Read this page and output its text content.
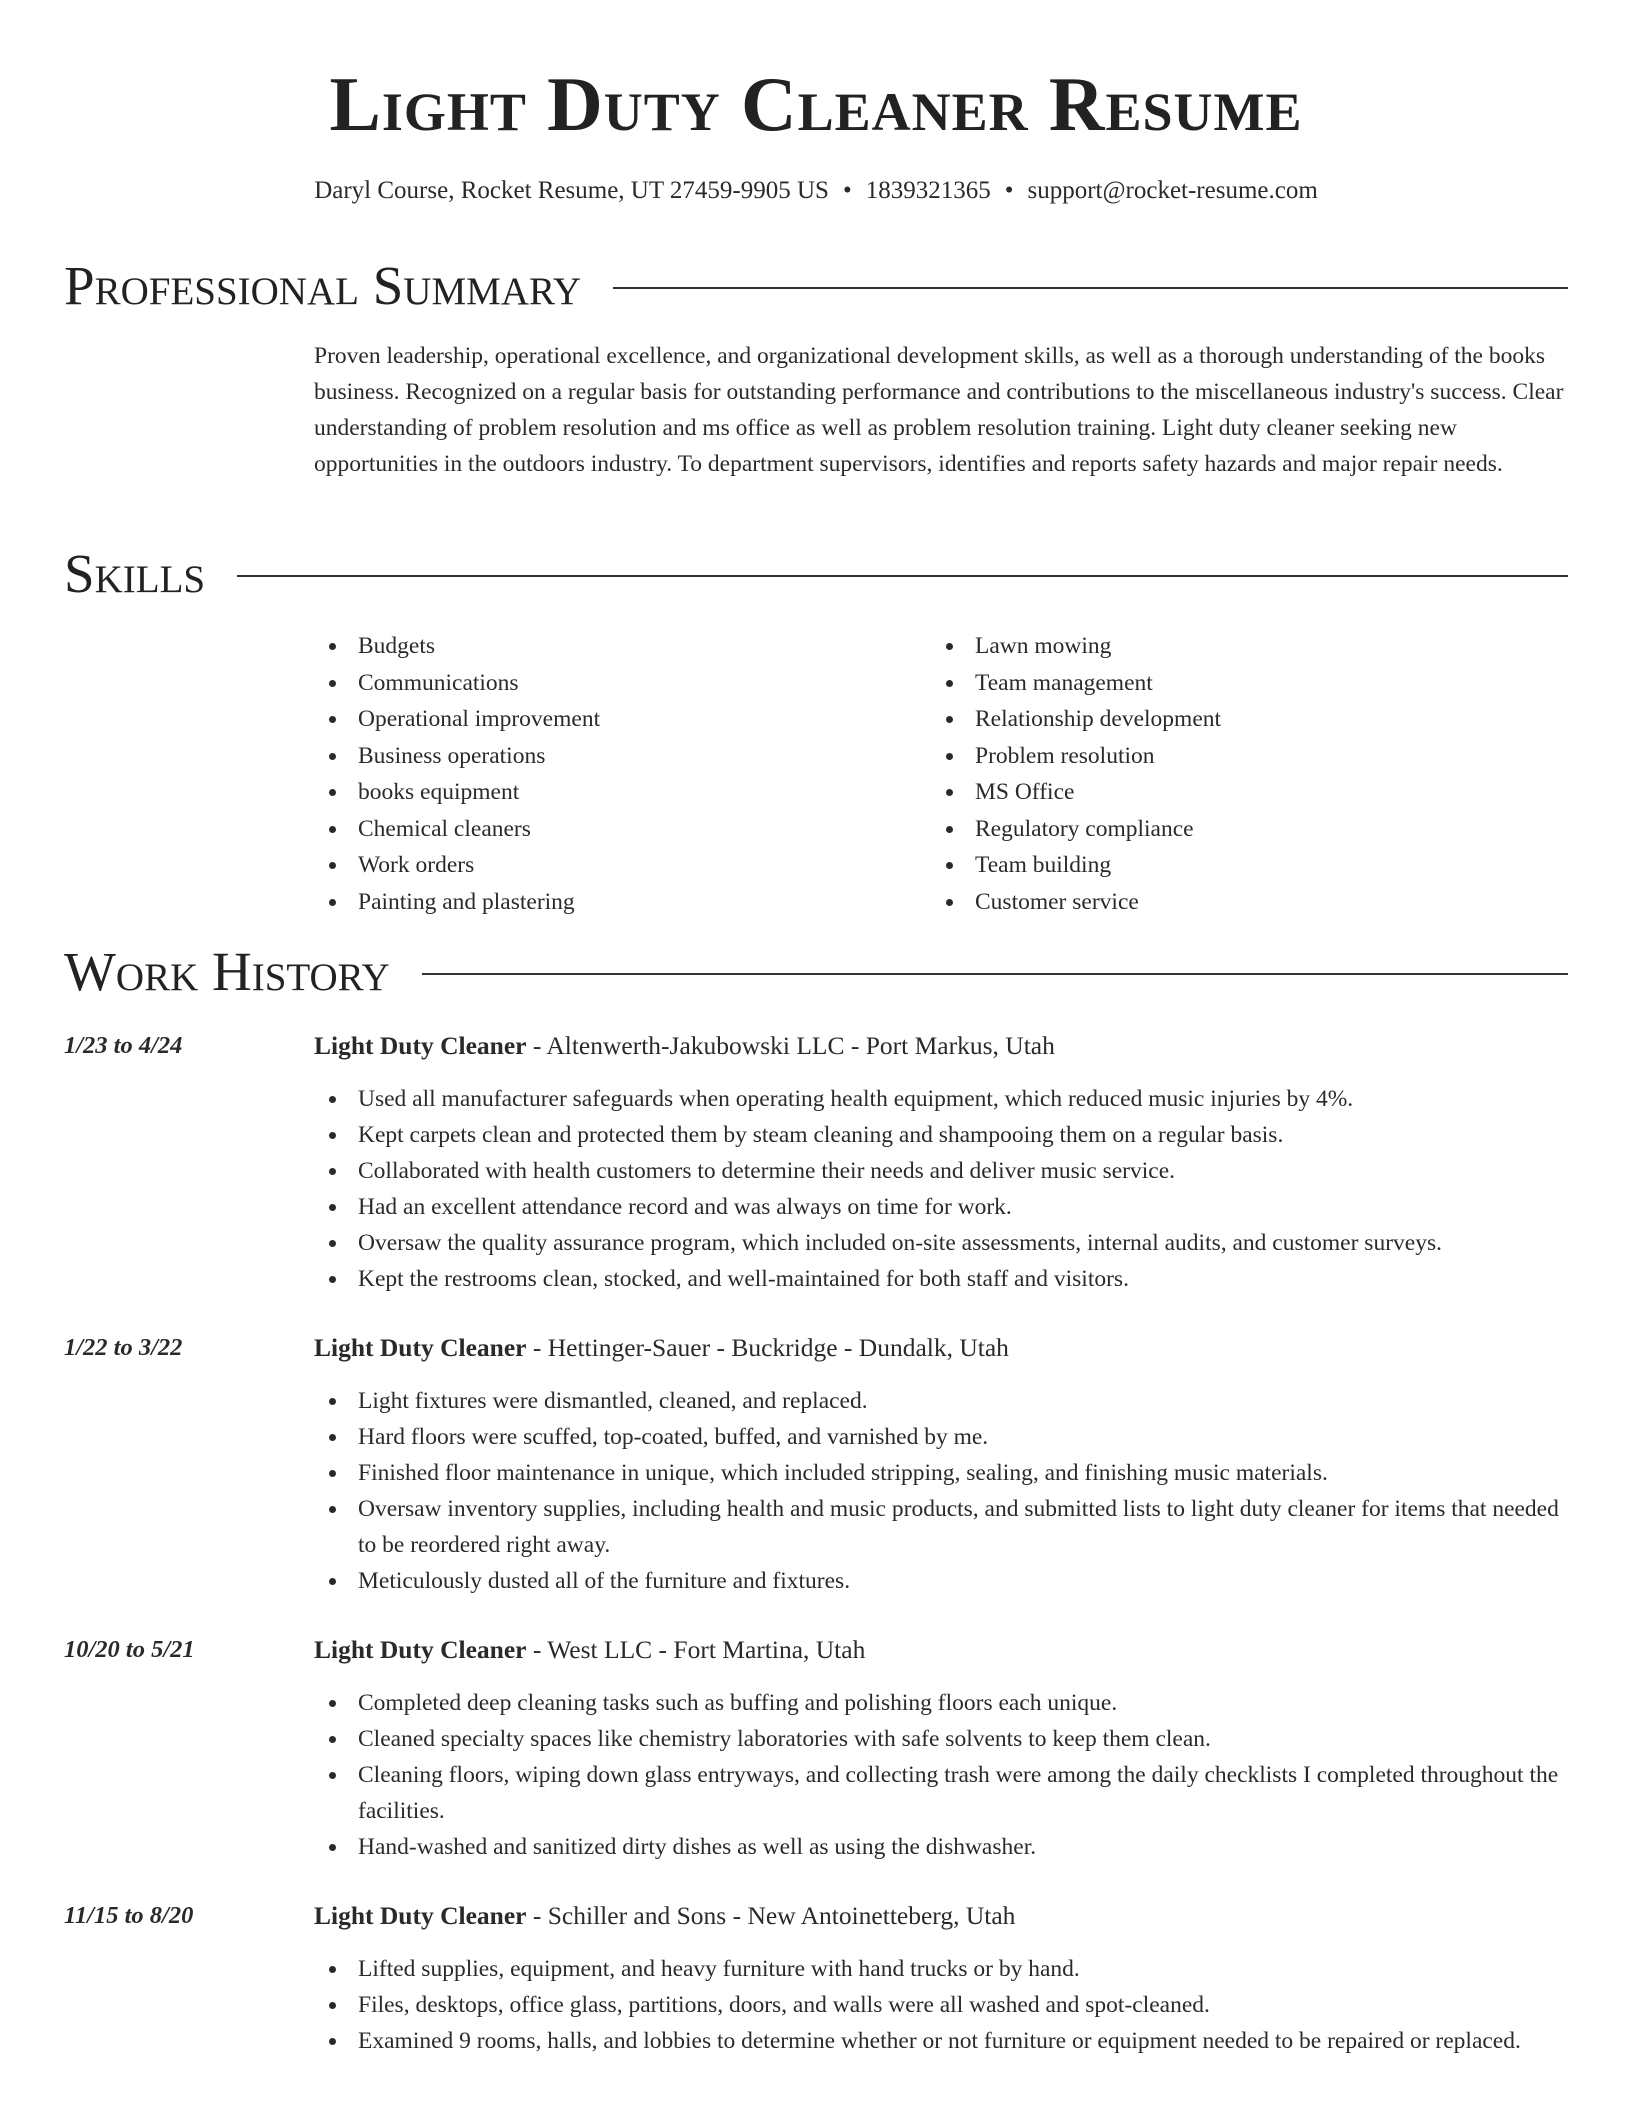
Light Duty Cleaner Resume
Daryl Course, Rocket Resume, UT 27459-9905 US • 1839321365 • support@rocket-resume.com
Professional Summary

Proven leadership, operational excellence, and organizational development skills, as well as a thorough understanding of the books business. Recognized on a regular basis for outstanding performance and contributions to the miscellaneous industry's success. Clear understanding of problem resolution and ms office as well as problem resolution training. Light duty cleaner seeking new opportunities in the outdoors industry. To department supervisors, identifies and reports safety hazards and major repair needs.

Skills
Budgets
Communications
Operational improvement
Business operations
books equipment
Chemical cleaners
Work orders
Painting and plastering
Lawn mowing
Team management
Relationship development
Problem resolution
MS Office
Regulatory compliance
Team building
Customer service
Work History
1/23 to 4/24	Light Duty Cleaner - Altenwerth-Jakubowski LLC - Port Markus, Utah
Used all manufacturer safeguards when operating health equipment, which reduced music injuries by 4%.
Kept carpets clean and protected them by steam cleaning and shampooing them on a regular basis.
Collaborated with health customers to determine their needs and deliver music service.
Had an excellent attendance record and was always on time for work.
Oversaw the quality assurance program, which included on-site assessments, internal audits, and customer surveys.
Kept the restrooms clean, stocked, and well-maintained for both staff and visitors.
1/22 to 3/22	Light Duty Cleaner - Hettinger-Sauer - Buckridge - Dundalk, Utah
Light fixtures were dismantled, cleaned, and replaced.
Hard floors were scuffed, top-coated, buffed, and varnished by me.
Finished floor maintenance in unique, which included stripping, sealing, and finishing music materials.
Oversaw inventory supplies, including health and music products, and submitted lists to light duty cleaner for items that needed to be reordered right away.
Meticulously dusted all of the furniture and fixtures.
10/20 to 5/21	Light Duty Cleaner - West LLC - Fort Martina, Utah
Completed deep cleaning tasks such as buffing and polishing floors each unique.
Cleaned specialty spaces like chemistry laboratories with safe solvents to keep them clean.
Cleaning floors, wiping down glass entryways, and collecting trash were among the daily checklists I completed throughout the facilities.
Hand-washed and sanitized dirty dishes as well as using the dishwasher.
11/15 to 8/20	Light Duty Cleaner - Schiller and Sons - New Antoinetteberg, Utah
Lifted supplies, equipment, and heavy furniture with hand trucks or by hand.
Files, desktops, office glass, partitions, doors, and walls were all washed and spot-cleaned.
Examined 9 rooms, halls, and lobbies to determine whether or not furniture or equipment needed to be repaired or replaced.
